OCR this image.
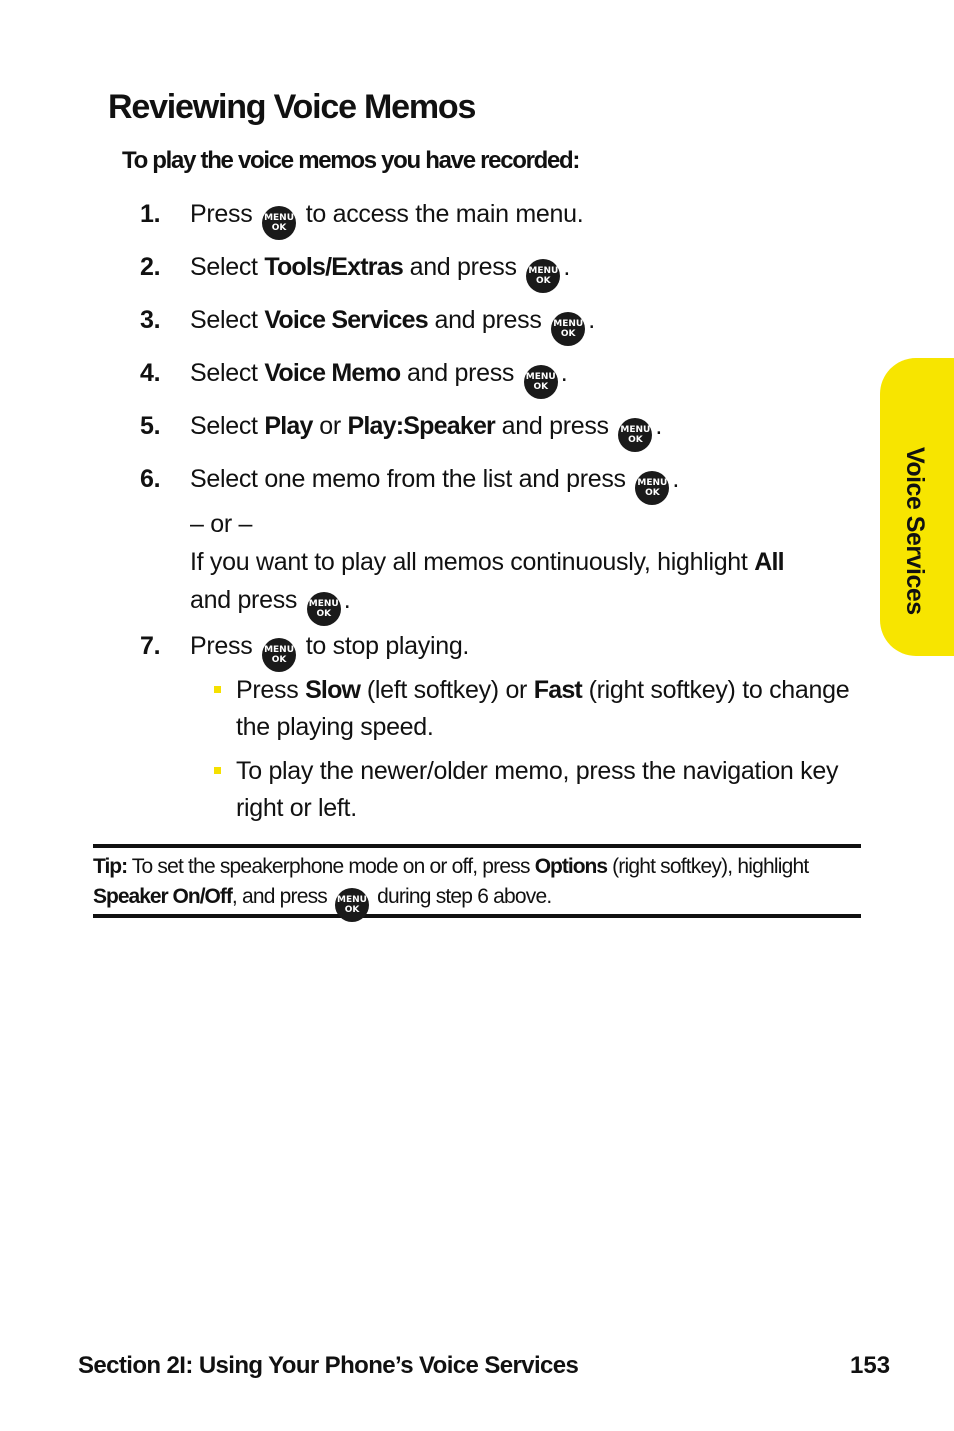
Reviewing Voice Memos

To play the voice memos you have recorded:

1. Press MENU
OK to access the main menu.
2. Select Tools/Extras and press MENU
OK .
3. Select Voice Services and press MENU
OK .
4. Select Voice Memo and press MENU
OK .
5. Select Play or Play:Speaker and press MENU
OK .
6. Select one memo from the list and press MENU
OK .
– or –
If you want to play all memos continuously, highlight All
and press MENU
OK .
7. Press MENU
OK to stop playing.
Press Slow (left softkey) or Fast (right softkey) to change the playing speed.
To play the newer/older memo, press the navigation key right or left.

Tip: To set the speakerphone mode on or off, press Options (right softkey), highlight Speaker On/Off, and press MENU
OK
during step 6 above.

Voice Services

Section 2I: Using Your Phone’s Voice Services	153
